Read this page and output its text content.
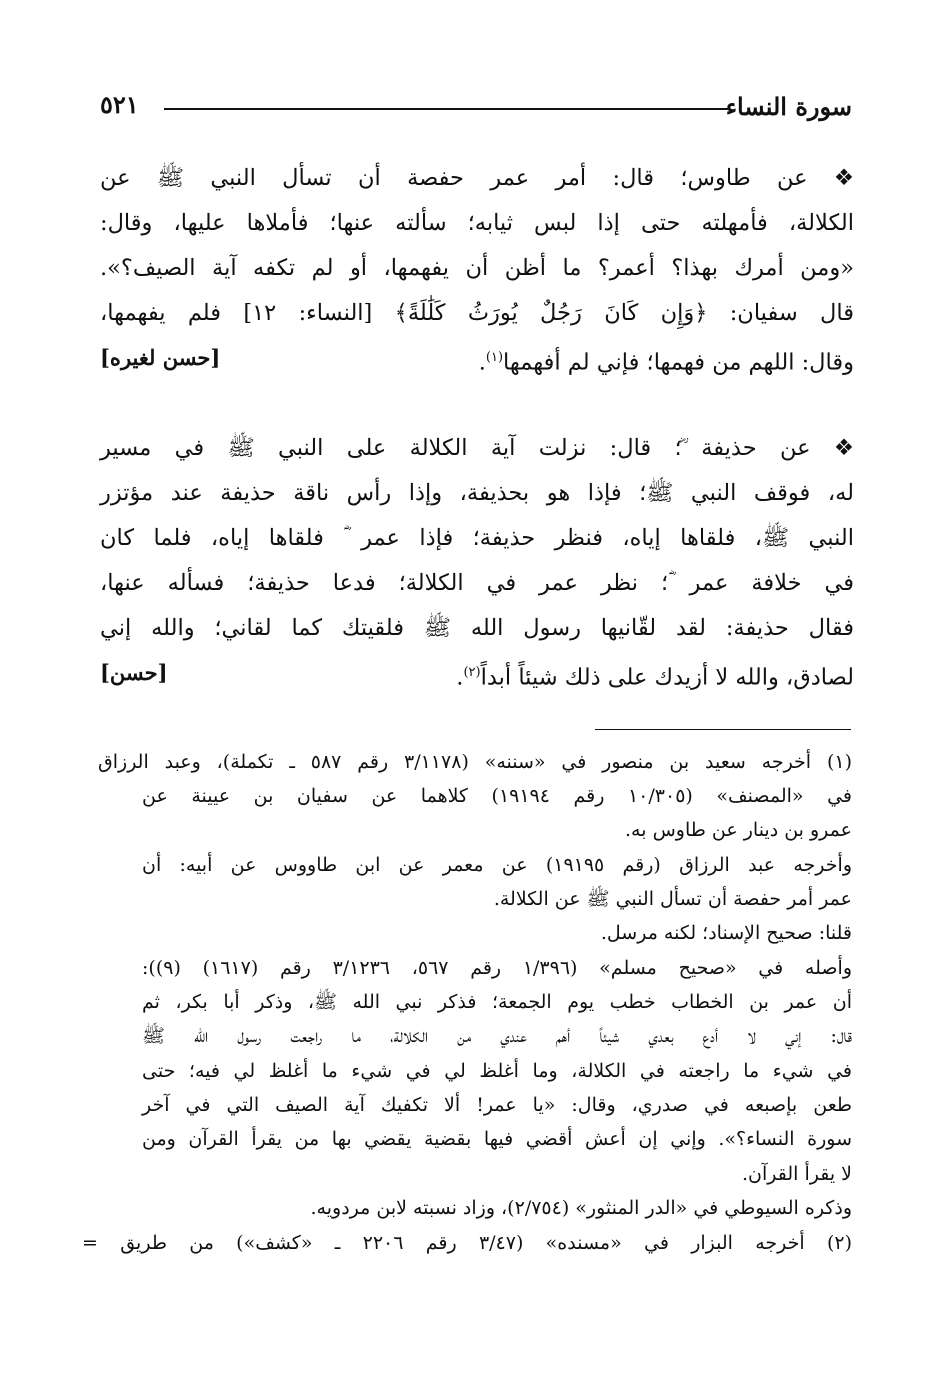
سورة النساء
٥٢١
❖ عن طاوس؛ قال: أمر عمر حفصة أن تسأل النبي ﷺ عن
الكلالة، فأمهلته حتى إذا لبس ثيابه؛ سألته عنها؛ فأملاها عليها، وقال:
«ومن أمرك بهذا؟ أعمر؟ ما أظن أن يفهمها، أو لم تكفه آية الصيف؟».
قال سفيان: ﴿وَإِن كَانَ رَجُلٌ يُورَثُ كَلَٰلَةً﴾ [النساء: ١٢] فلم يفهمها،
وقال: اللهم من فهمها؛ فإني لم أفهمها$^{(١)}$.
[حسن لغيره]
❖ عن حذيفة ؓ؛ قال: نزلت آية الكلالة على النبي ﷺ في مسير
له، فوقف النبي ﷺ؛ فإذا هو بحذيفة، وإذا رأس ناقة حذيفة عند مؤتزر
النبي ﷺ، فلقاها إياه، فنظر حذيفة؛ فإذا عمر ؓ فلقاها إياه، فلما كان
في خلافة عمر ؓ؛ نظر عمر في الكلالة؛ فدعا حذيفة؛ فسأله عنها،
فقال حذيفة: لقد لقّانيها رسول الله ﷺ فلقيتك كما لقاني؛ والله إني
لصادق، والله لا أزيدك على ذلك شيئاً أبداً$^{(٢)}$.
[حسن]
(١) أخرجه سعيد بن منصور في «سننه» (٣/١١٧٨ رقم ٥٨٧ ـ تكملة)، وعبد الرزاق
في «المصنف» (١٠/٣٠٥ رقم ١٩١٩٤) كلاهما عن سفيان بن عيينة عن
عمرو بن دينار عن طاوس به.
وأخرجه عبد الرزاق (رقم ١٩١٩٥) عن معمر عن ابن طاووس عن أبيه: أن
عمر أمر حفصة أن تسأل النبي ﷺ عن الكلالة.
قلنا: صحيح الإسناد؛ لكنه مرسل.
وأصله في «صحيح مسلم» (١/٣٩٦ رقم ٥٦٧، ٣/١٢٣٦ رقم (١٦١٧) (٩)):
أن عمر بن الخطاب خطب يوم الجمعة؛ فذكر نبي الله ﷺ، وذكر أبا بكر، ثم
قال: إني لا أدع بعدي شيئاً أهم عندي من الكلالة، ما راجعت رسول الله ﷺ
في شيء ما راجعته في الكلالة، وما أغلظ لي في شيء ما أغلظ لي فيه؛ حتى
طعن بإصبعه في صدري، وقال: «يا عمر! ألا تكفيك آية الصيف التي في آخر
سورة النساء؟». وإني إن أعش أقضي فيها بقضية يقضي بها من يقرأ القرآن ومن
لا يقرأ القرآن.
وذكره السيوطي في «الدر المنثور» (٢/٧٥٤)، وزاد نسبته لابن مردويه.
(٢) أخرجه البزار في «مسنده» (٣/٤٧ رقم ٢٢٠٦ ـ «كشف») من طريق =
